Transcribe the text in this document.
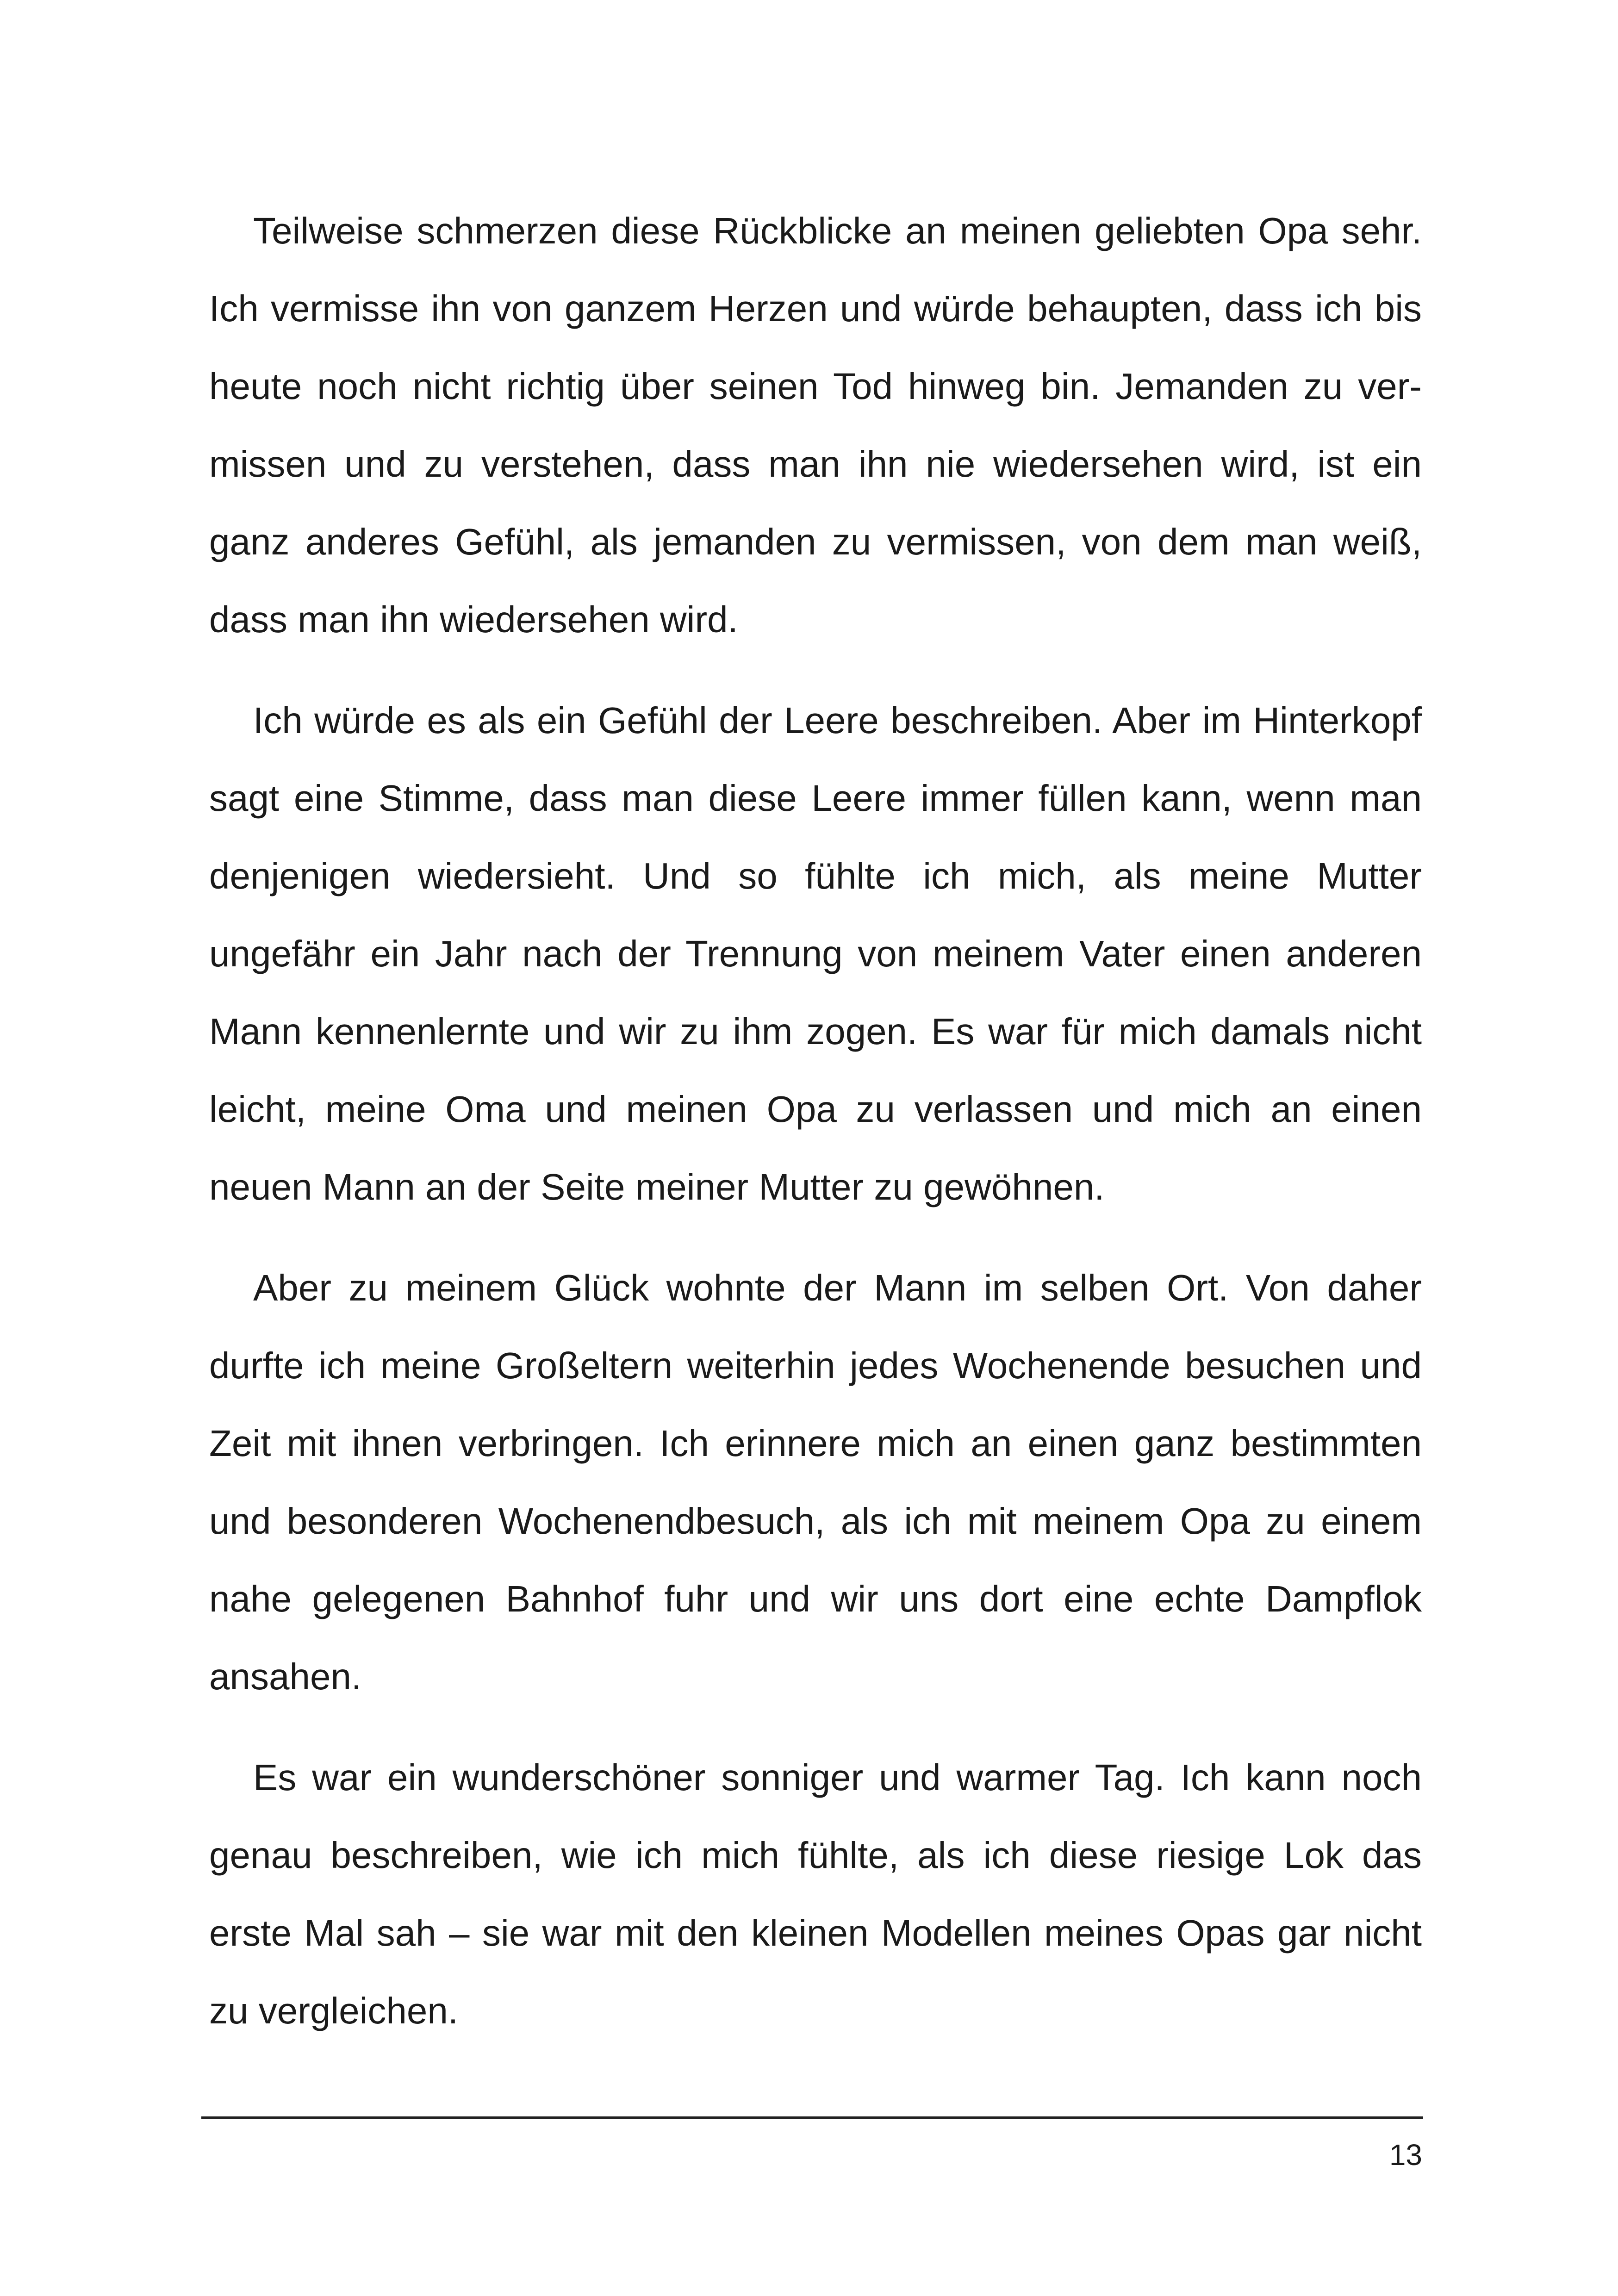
Teilweise schmerzen diese Rückblicke an meinen geliebten Opa sehr. Ich vermisse ihn von ganzem Herzen und würde behaupten, dass ich bis heute noch nicht richtig über seinen Tod hinweg bin. Jemanden zu vermissen und zu verstehen, dass man ihn nie wiedersehen wird, ist ein ganz anderes Gefühl, als jemanden zu vermissen, von dem man weiß, dass man ihn wiedersehen wird.

Ich würde es als ein Gefühl der Leere beschreiben. Aber im Hinterkopf sagt eine Stimme, dass man diese Leere immer füllen kann, wenn man denjenigen wiedersieht. Und so fühlte ich mich, als meine Mutter ungefähr ein Jahr nach der Trennung von meinem Vater einen anderen Mann kennenlernte und wir zu ihm zogen. Es war für mich damals nicht leicht, meine Oma und meinen Opa zu verlassen und mich an einen neuen Mann an der Seite meiner Mutter zu gewöhnen.

Aber zu meinem Glück wohnte der Mann im selben Ort. Von daher durfte ich meine Großeltern weiterhin jedes Wochenende besuchen und Zeit mit ihnen verbringen. Ich erinnere mich an einen ganz bestimmten und besonderen Wochenendbesuch, als ich mit meinem Opa zu einem nahe gelegenen Bahnhof fuhr und wir uns dort eine echte Dampflok ansahen.

Es war ein wunderschöner sonniger und warmer Tag. Ich kann noch genau beschreiben, wie ich mich fühlte, als ich diese riesige Lok das erste Mal sah – sie war mit den kleinen Modellen meines Opas gar nicht zu vergleichen.

13
